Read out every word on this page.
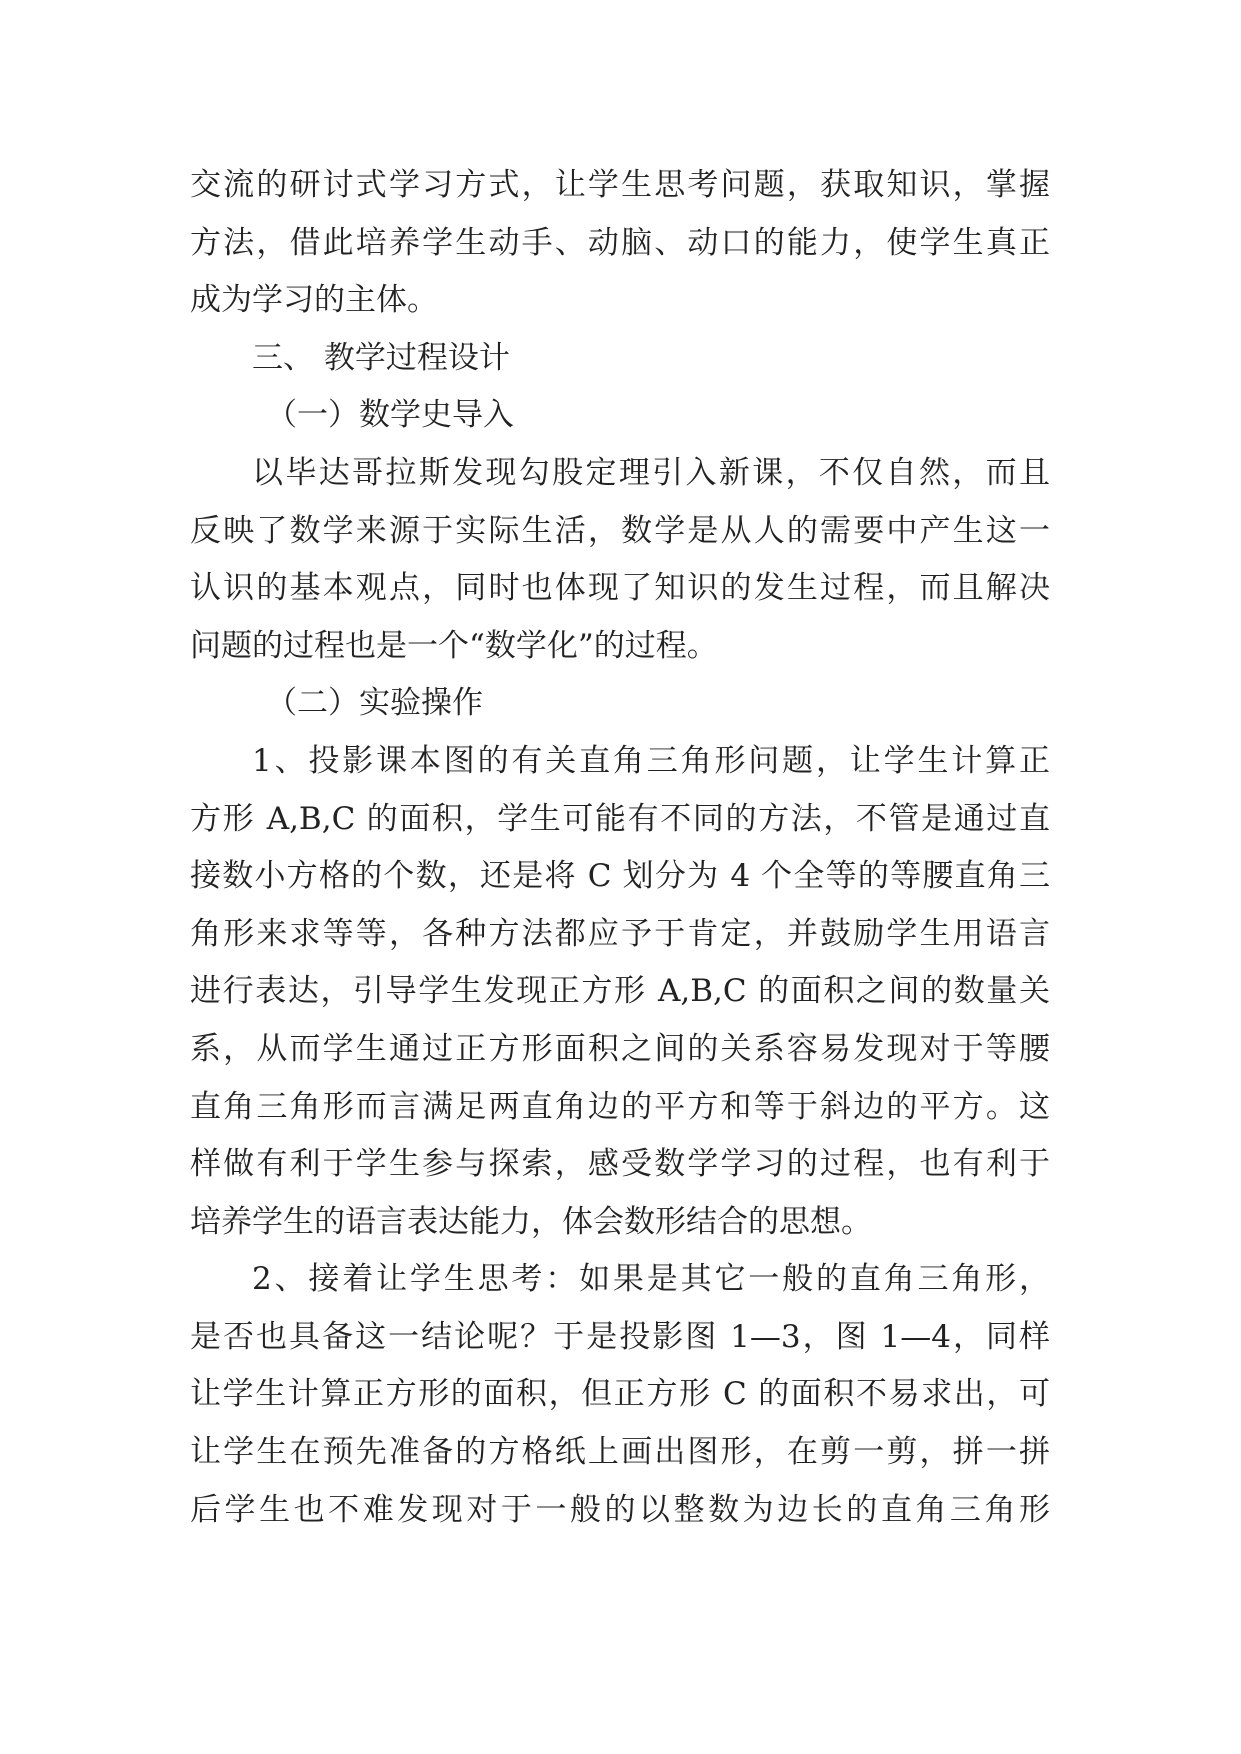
交流的研讨式学习方式，让学生思考问题，获取知识，掌握
方法，借此培养学生动手、动脑、动口的能力，使学生真正
成为学习的主体。
三、 教学过程设计
（一）数学史导入
以毕达哥拉斯发现勾股定理引入新课，不仅自然，而且
反映了数学来源于实际生活，数学是从人的需要中产生这一
认识的基本观点，同时也体现了知识的发生过程，而且解决
问题的过程也是一个“数学化”的过程。
（二）实验操作
1、投影课本图的有关直角三角形问题，让学生计算正
方形 A,B,C 的面积，学生可能有不同的方法，不管是通过直
接数小方格的个数，还是将 C 划分为 4 个全等的等腰直角三
角形来求等等，各种方法都应予于肯定，并鼓励学生用语言
进行表达，引导学生发现正方形 A,B,C 的面积之间的数量关
系，从而学生通过正方形面积之间的关系容易发现对于等腰
直角三角形而言满足两直角边的平方和等于斜边的平方。这
样做有利于学生参与探索，感受数学学习的过程，也有利于
培养学生的语言表达能力，体会数形结合的思想。
2、接着让学生思考：如果是其它一般的直角三角形，
是否也具备这一结论呢？于是投影图 1—3，图 1—4，同样
让学生计算正方形的面积，但正方形 C 的面积不易求出，可
让学生在预先准备的方格纸上画出图形，在剪一剪，拼一拼
后学生也不难发现对于一般的以整数为边长的直角三角形
